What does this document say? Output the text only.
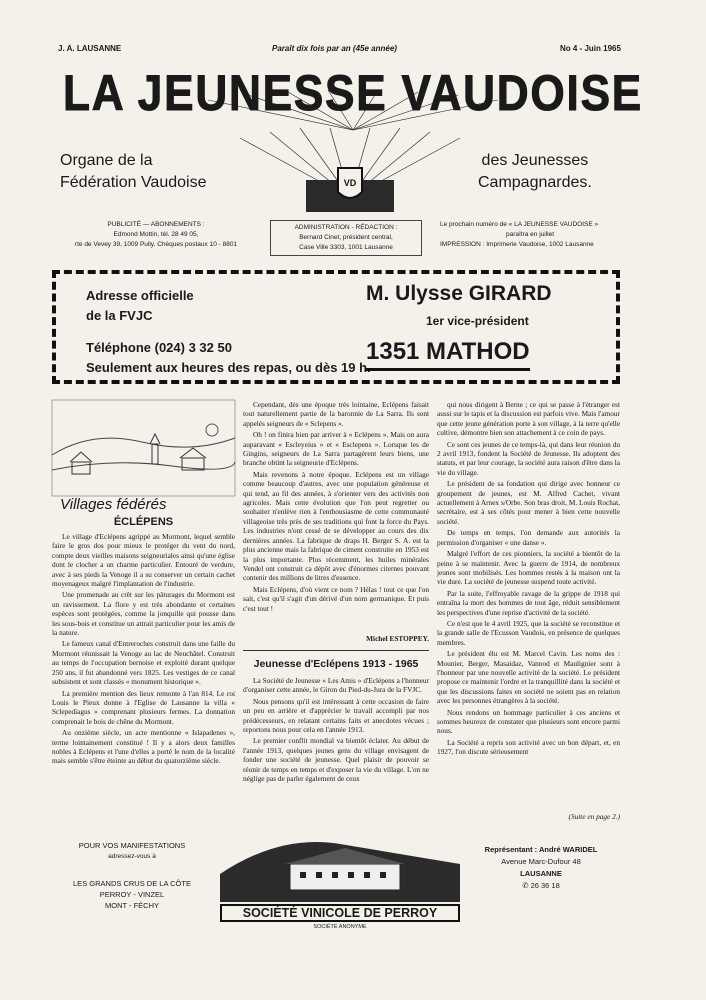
J. A. LAUSANNE	Paraît dix fois par an (45e année)	No 4 - Juin 1965
LA JEUNESSE VAUDOISE
VD
Organe de la
Fédération Vaudoise
des Jeunesses
Campagnardes.
PUBLICITÉ — ABONNEMENTS :
Edmond Mottin, tél. 28 49 05,
rte de Vevey 39, 1009 Pully. Chèques postaux 10 - 8801
ADMINISTRATION - RÉDACTION :
Bernard Cinet, président central,
Case Ville 3303, 1001 Lausanne
Le prochain numéro de « LA JEUNESSE VAUDOISE »
paraîtra en juillet
IMPRESSION : Imprimerie Vaudoise, 1002 Lausanne
Adresse officielle
de la FVJC
Téléphone (024) 3 32 50
Seulement aux heures des repas, ou dès 19 h.
M. Ulysse GIRARD
1er vice-président
1351 MATHOD
Villages fédérés
ÉCLÉPENS

Le village d'Eclépens agrippé au Mormont, lequel semble faire le gros dos pour mieux le protéger du vent du nord, compte deux vieilles maisons seigneuriales ainsi qu'une église dont le clocher a un charme particulier. Entouré de verdure, avec à ses pieds la Venoge il a su conserver un certain cachet moyenageux malgré l'implantation de l'industrie.

Une promenade au crêt sur les pâturages du Mormont est un ravissement. La flore y est très abondante et certaines espèces sont protégées, comme la jonquille qui pousse dans les sous-bois et constitue un attrait particulier pour les amis de la nature.

Le fameux canal d'Entreroches construit dans une faille du Mormont réunissait la Venoge au lac de Neuchâtel. Construit au temps de l'occupation bernoise et exploité durant quelque 250 ans, il fut abandonné vers 1825. Les vestiges de ce canal subsistent et sont classés « monument historique ».

La première mention des lieux remonte à l'an 814. Le roi Louis le Pieux donne à l'Eglise de Lausanne la villa « Sclepediagus » comprenant plusieurs fermes. La donnation comprenait le bois de chêne du Mormont.

Au onzième siècle, un acte mentionne « Islapadenes », terme lointainement constitué ! Il y a alors deux familles nobles à Eclépens et l'une d'elles a porté le nom de la localité mais semble s'être éteinte au début du quatorzième siècle.

Cependant, dès une époque très lointaine, Eclépens faisait tout naturellement partie de la baronnie de La Sarra. Ils sont appelés seigneurs de « Sclepens ».

Oh ! on finira bien par arriver à « Eclépens ». Mais on aura auparavant « Escleyeius » et « Esclepens ». Lorsque les de Gingins, seigneurs de La Sarra partagèrent leurs biens, une branche obtint la seigneurie d'Eclépens.

Mais revenons à notre époque. Eclépens est un village comme beaucoup d'autres, avec une population généreuse et qui tend, au fil des années, à s'orienter vers des activités non agricoles. Mais cette évolution que l'on peut regretter ou souhaiter n'enlève rien à l'enthousiasme de cette communauté villageoise très près de ses traditions qui font la force du Pays. Les industries n'ont cessé de se développer au cours des dix dernières années. La fabrique de draps H. Berger S. A. est la plus ancienne mais la fabrique de ciment construite en 1953 est la plus importante. Plus récemment, les huiles minérales Vendel ont construit ca dépôt avec d'énormes citernes pouvant contenir des millions de litres d'essence.

Mais Eclépens, d'où vient ce nom ? Hélas ! tout ce que l'on sait, c'est qu'il s'agit d'un dérivé d'un nom germanique. Et puis c'est tout !

Michel ESTOPPEY.
Jeunesse d'Eclépens 1913 - 1965

La Société de Jeunesse « Les Amis » d'Eclépens a l'honneur d'organiser cette année, le Giron du Pied-du-Jura de la FVJC.

Nous pensons qu'il est intéressant à cette occasion de faire un peu en arrière et d'apprécier le travail accompli par nos prédécesseurs, en relatant certains faits et anecdotes vécues ; reportons nous pour cela en l'année 1913.

Le premier conflit mondial va bientôt éclater. Au début de l'année 1913, quelques jeunes gens du village envisagent de fonder une société de jeunesse. Quel plaisir de pouvoir se réunir de temps en temps et d'exposer la vie du village. L'on ne néglige pas de parler également de ceux

qui nous dirigent à Berne ; ce qui se passe à l'étranger est aussi sur le tapis et la discussion est parfois vive. Mais l'amour que cette jeune génération porte à son village, à la terre qu'elle cultive, démontre bien son attachement à ce coin de pays.

Ce sont ces jeunes de ce temps-là, qui dans leur réunion du 2 avril 1913, fondent la Société de Jeunesse. Ils adoptent des statuts, et par leur courage, la société aura raison d'être dans la vie du village.

Le président de sa fondation qui dirige avec honneur ce groupement de jeunes, est M. Alfred Cachet, vivant actuellement à Arnex s/Orbe. Son bras droit, M. Louis Rochat, secrétaire, est à ses côtés pour mener à bien cette nouvelle société.

De temps en temps, l'on demande aux autorités la permission d'organiser « une danse ».

Malgré l'effort de ces pionniers, la société a bientôt de la peine à se maintenir. Avec la guerre de 1914, de nombreux jeunes sont mobilisés. Les hommes restés à la maison ont la vie dure. La société de jeunesse suspend toute activité.

Par la suite, l'effroyable ravage de la grippe de 1918 qui entraîna la mort des hommes de tout âge, réduit sensiblement les perspectives d'une reprise d'activité de la société.

Ce n'est que le 4 avril 1925, que la société se reconstitue et la grande salle de l'Ecusson Vaudois, en présence de quelques membres.

Le président élu est M. Marcel Cavin. Les noms des : Mounier, Berger, Masaidaz, Vannod et Maulignier sont à l'honneur par une nouvelle activité de la société. Le président propose ce maintenir l'ordre et la tranquillité dans la société et que les discussions faites en société ne soient pas en relation avec les personnes étrangères à la société.

Nous rendons un hommage particulier à ces anciens et sommes heureux de constater que plusieurs sont encore parmi nous.

La Société a repris son activité avec un bon départ, et, en 1927, l'on discute sérieusement

(Suite en page 2.)
POUR VOS MANIFESTATIONS
adressez-vous à
LES GRANDS CRUS DE LA CÔTE
PERROY - VINZEL
MONT - FÉCHY
SOCIÉTÉ VINICOLE DE PERROY
SOCIÉTÉ ANONYME
Représentant : André WARIDEL
Avenue Marc-Dufour 48
LAUSANNE
✆ 26 36 18
